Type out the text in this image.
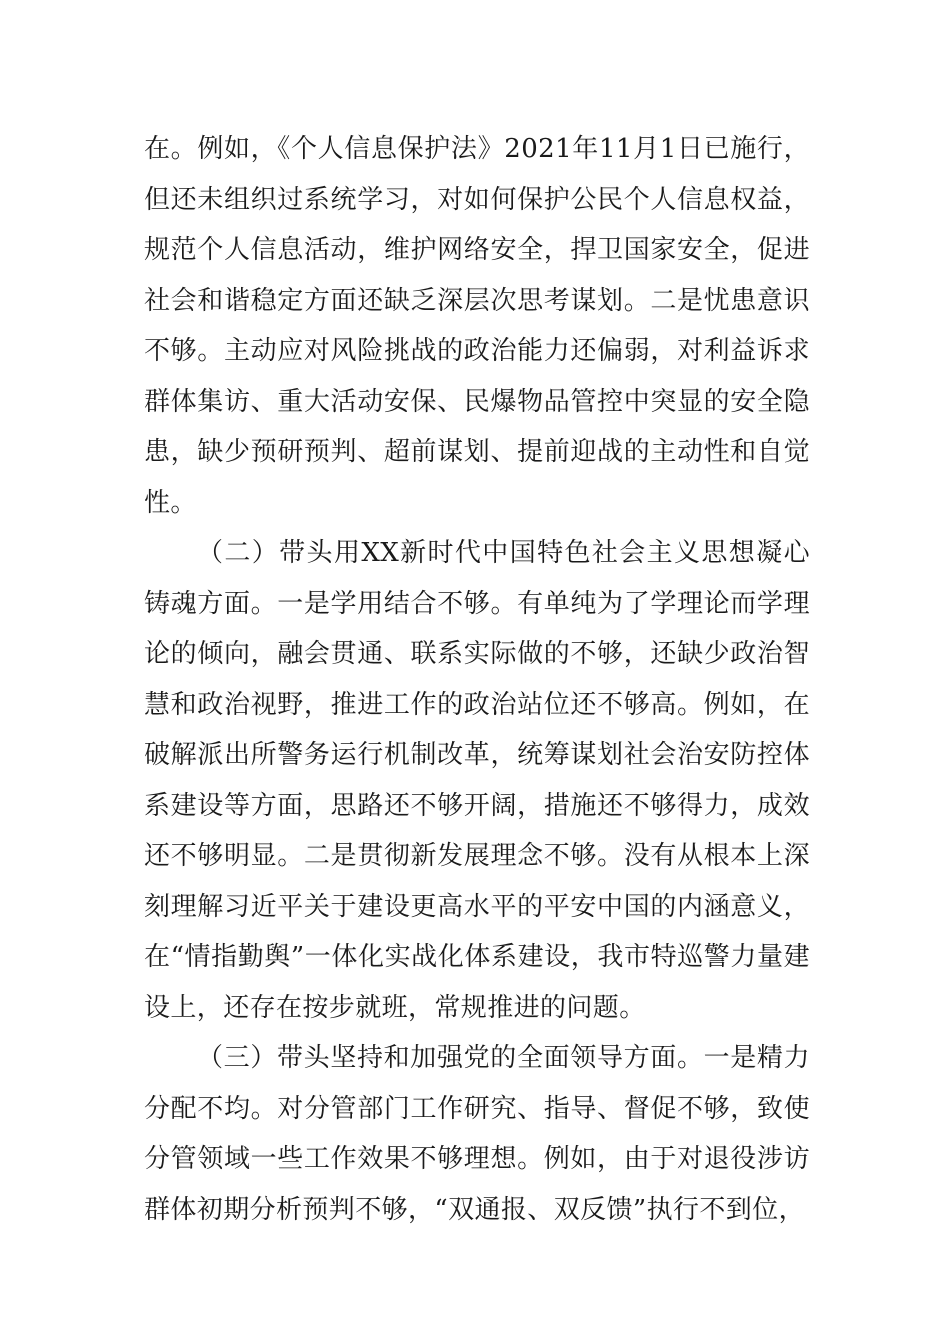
在。例如，《个人信息保护法》2021年11月1日已施行，但还未组织过系统学习，对如何保护公民个人信息权益，规范个人信息活动，维护网络安全，捍卫国家安全，促进社会和谐稳定方面还缺乏深层次思考谋划。二是忧患意识不够。主动应对风险挑战的政治能力还偏弱，对利益诉求群体集访、重大活动安保、民爆物品管控中突显的安全隐患，缺少预研预判、超前谋划、提前迎战的主动性和自觉性。

（二）带头用XX新时代中国特色社会主义思想凝心铸魂方面。一是学用结合不够。有单纯为了学理论而学理论的倾向，融会贯通、联系实际做的不够，还缺少政治智慧和政治视野，推进工作的政治站位还不够高。例如，在破解派出所警务运行机制改革，统筹谋划社会治安防控体系建设等方面，思路还不够开阔，措施还不够得力，成效还不够明显。二是贯彻新发展理念不够。没有从根本上深刻理解习近平关于建设更高水平的平安中国的内涵意义，在“情指勤舆”一体化实战化体系建设，我市特巡警力量建设上，还存在按步就班，常规推进的问题。

（三）带头坚持和加强党的全面领导方面。一是精力分配不均。对分管部门工作研究、指导、督促不够，致使分管领域一些工作效果不够理想。例如，由于对退役涉访群体初期分析预判不够，“双通报、双反馈”执行不到位，
